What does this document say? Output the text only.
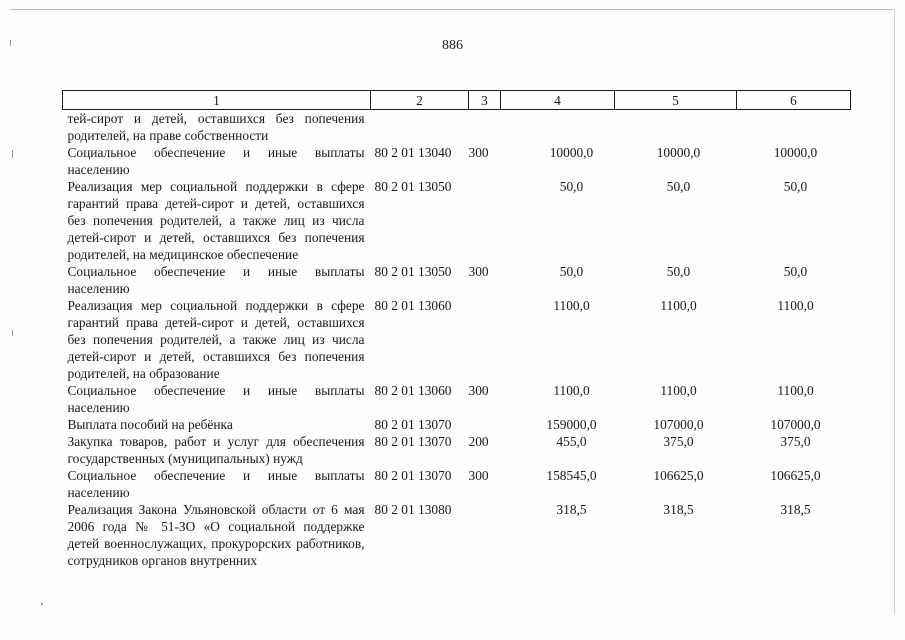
886
1	2	3	4	5	6
тей-сирот и детей, оставшихся без попечения родителей, на праве собственности					
Социальное обеспечение и иные выплаты населению	80 2 01 13040	300	10000,0	10000,0	10000,0
Реализация мер социальной поддержки в сфере гарантий права детей-сирот и детей, оставшихся без попечения родителей, а также лиц из числа детей-сирот и детей, оставшихся без попечения родителей, на медицинское обеспечение	80 2 01 13050		50,0	50,0	50,0
Социальное обеспечение и иные выплаты населению	80 2 01 13050	300	50,0	50,0	50,0
Реализация мер социальной поддержки в сфере гарантий права детей-сирот и детей, оставшихся без попечения родителей, а также лиц из числа детей-сирот и детей, оставшихся без попечения родителей, на образование	80 2 01 13060		1100,0	1100,0	1100,0
Социальное обеспечение и иные выплаты населению	80 2 01 13060	300	1100,0	1100,0	1100,0
Выплата пособий на ребёнка	80 2 01 13070		159000,0	107000,0	107000,0
Закупка товаров, работ и услуг для обеспечения государственных (муниципальных) нужд	80 2 01 13070	200	455,0	375,0	375,0
Социальное обеспечение и иные выплаты населению	80 2 01 13070	300	158545,0	106625,0	106625,0
Реализация Закона Ульяновской области от 6 мая 2006 года № 51-ЗО «О социальной поддержке детей военнослужащих, прокурорских работников, сотрудников органов внутренних	80 2 01 13080		318,5	318,5	318,5
